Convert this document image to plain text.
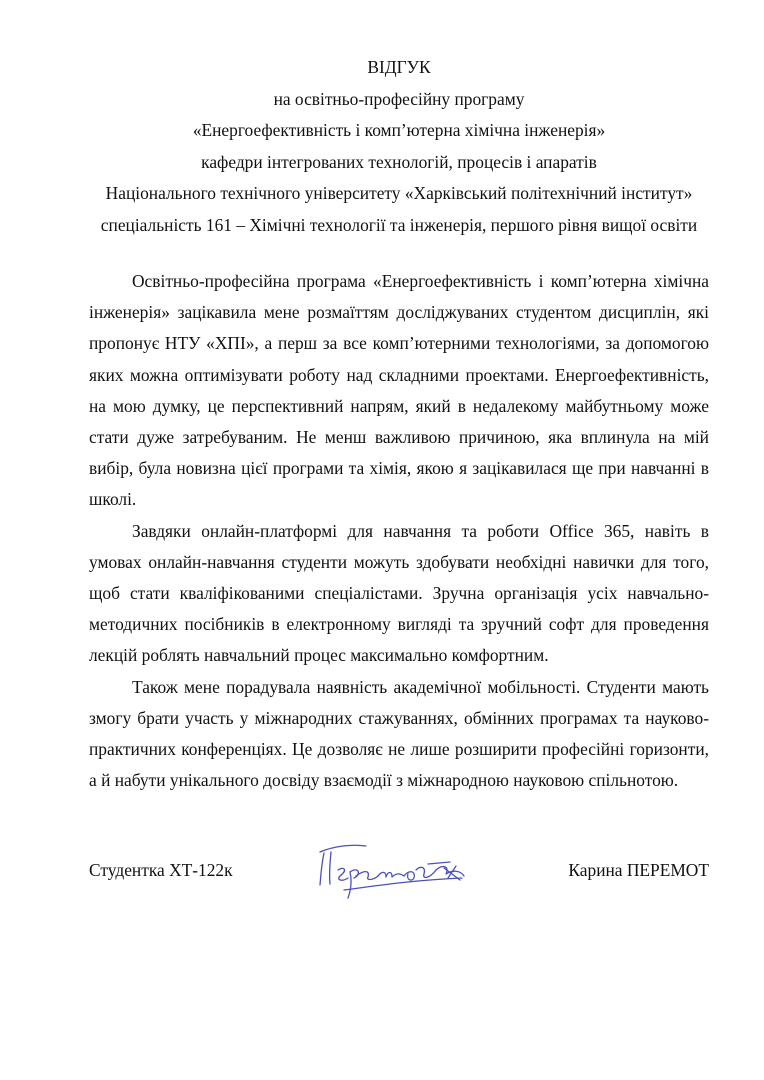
ВІДГУК
на освітньо-професійну програму
«Енергоефективність і комп’ютерна хімічна інженерія»
кафедри інтегрованих технологій, процесів і апаратів
Національного технічного університету «Харківський політехнічний інститут»
спеціальність 161 – Хімічні технології та інженерія, першого рівня вищої освіти

Освітньо-професійна програма «Енергоефективність і комп’ютерна хімічна інженерія» зацікавила мене розмаїттям досліджуваних студентом дисциплін, які пропонує НТУ «ХПІ», а перш за все комп’ютерними технологіями, за допомогою яких можна оптимізувати роботу над складними проектами. Енергоефективність, на мою думку, це перспективний напрям, який в недалекому майбутньому може стати дуже затребуваним. Не менш важливою причиною, яка вплинула на мій вибір, була новизна цієї програми та хімія, якою я зацікавилася ще при навчанні в школі.

Завдяки онлайн-платформі для навчання та роботи Office 365, навіть в умовах онлайн-навчання студенти можуть здобувати необхідні навички для того, щоб стати кваліфікованими спеціалістами. Зручна організація усіх навчально-методичних посібників в електронному вигляді та зручний софт для проведення лекцій роблять навчальний процес максимально комфортним.

Також мене порадувала наявність академічної мобільності. Студенти мають змогу брати участь у міжнародних стажуваннях, обмінних програмах та науково-практичних конференціях. Це дозволяє не лише розширити професійні горизонти, а й набути унікального досвіду взаємодії з міжнародною науковою спільнотою.

Студентка ХТ-122к	Карина ПЕРЕМОТ
